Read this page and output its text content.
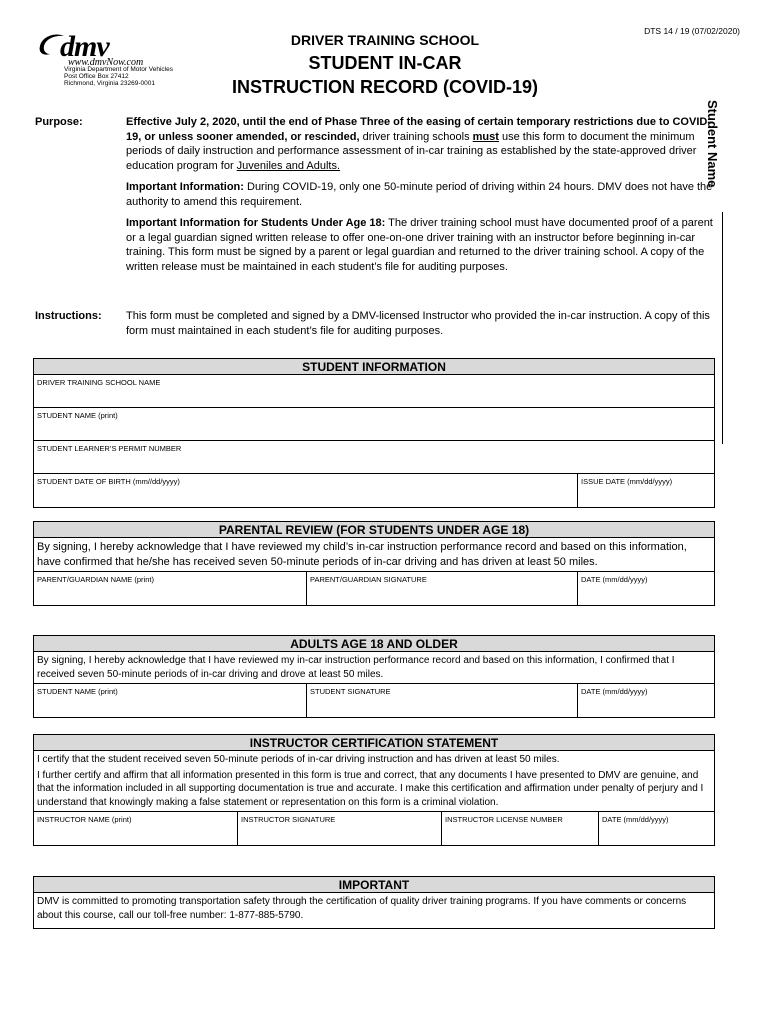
dmv
www.dmvNow.com
Virginia Department of Motor Vehicles
Post Office Box 27412
Richmond, Virginia 23269-0001
DTS 14 / 19 (07/02/2020)
DRIVER TRAINING SCHOOL
STUDENT IN-CAR
INSTRUCTION RECORD (COVID-19)
Student Name
Purpose:	Effective July 2, 2020, until the end of Phase Three of the easing of certain temporary restrictions due to COVID-19, or unless sooner amended, or rescinded, driver training schools must use this form to document the minimum periods of daily instruction and performance assessment of in-car training as established by the state-approved driver education program for Juveniles and Adults.
Important Information: During COVID-19, only one 50-minute period of driving within 24 hours. DMV does not have the authority to amend this requirement.
Important Information for Students Under Age 18: The driver training school must have documented proof of a parent or a legal guardian signed written release to offer one-on-one driver training with an instructor before beginning in-car training. This form must be signed by a parent or legal guardian and returned to the driver training school. A copy of the written release must be maintained in each student’s file for auditing purposes.
Instructions:	This form must be completed and signed by a DMV-licensed Instructor who provided the in-car instruction. A copy of this form must maintained in each student’s file for auditing purposes.
STUDENT INFORMATION
DRIVER TRAINING SCHOOL NAME
STUDENT NAME (print)
STUDENT LEARNER’S PERMIT NUMBER
STUDENT DATE OF BIRTH (mm//dd/yyyy)	ISSUE DATE (mm/dd/yyyy)
PARENTAL REVIEW (FOR STUDENTS UNDER AGE 18)
By signing, I hereby acknowledge that I have reviewed my child’s in-car instruction performance record and based on this information, have confirmed that he/she has received seven 50-minute periods of in-car driving and has driven at least 50 miles.
PARENT/GUARDIAN NAME (print)	PARENT/GUARDIAN SIGNATURE	DATE (mm/dd/yyyy)
ADULTS AGE 18 AND OLDER
By signing, I hereby acknowledge that I have reviewed my in-car instruction performance record and based on this information, I confirmed that I received seven 50-minute periods of in-car driving and drove at least 50 miles.
STUDENT NAME (print)	STUDENT SIGNATURE	DATE (mm/dd/yyyy)
INSTRUCTOR CERTIFICATION STATEMENT
I certify that the student received seven 50-minute periods of in-car driving instruction and has driven at least 50 miles.
I further certify and affirm that all information presented in this form is true and correct, that any documents I have presented to DMV are genuine, and that the information included in all supporting documentation is true and accurate. I make this certification and affirmation under penalty of perjury and I understand that knowingly making a false statement or representation on this form is a criminal violation.
INSTRUCTOR NAME (print)	INSTRUCTOR SIGNATURE	INSTRUCTOR LICENSE NUMBER	DATE (mm/dd/yyyy)
IMPORTANT
DMV is committed to promoting transportation safety through the certification of quality driver training programs. If you have comments or concerns about this course, call our toll-free number: 1-877-885-5790.
